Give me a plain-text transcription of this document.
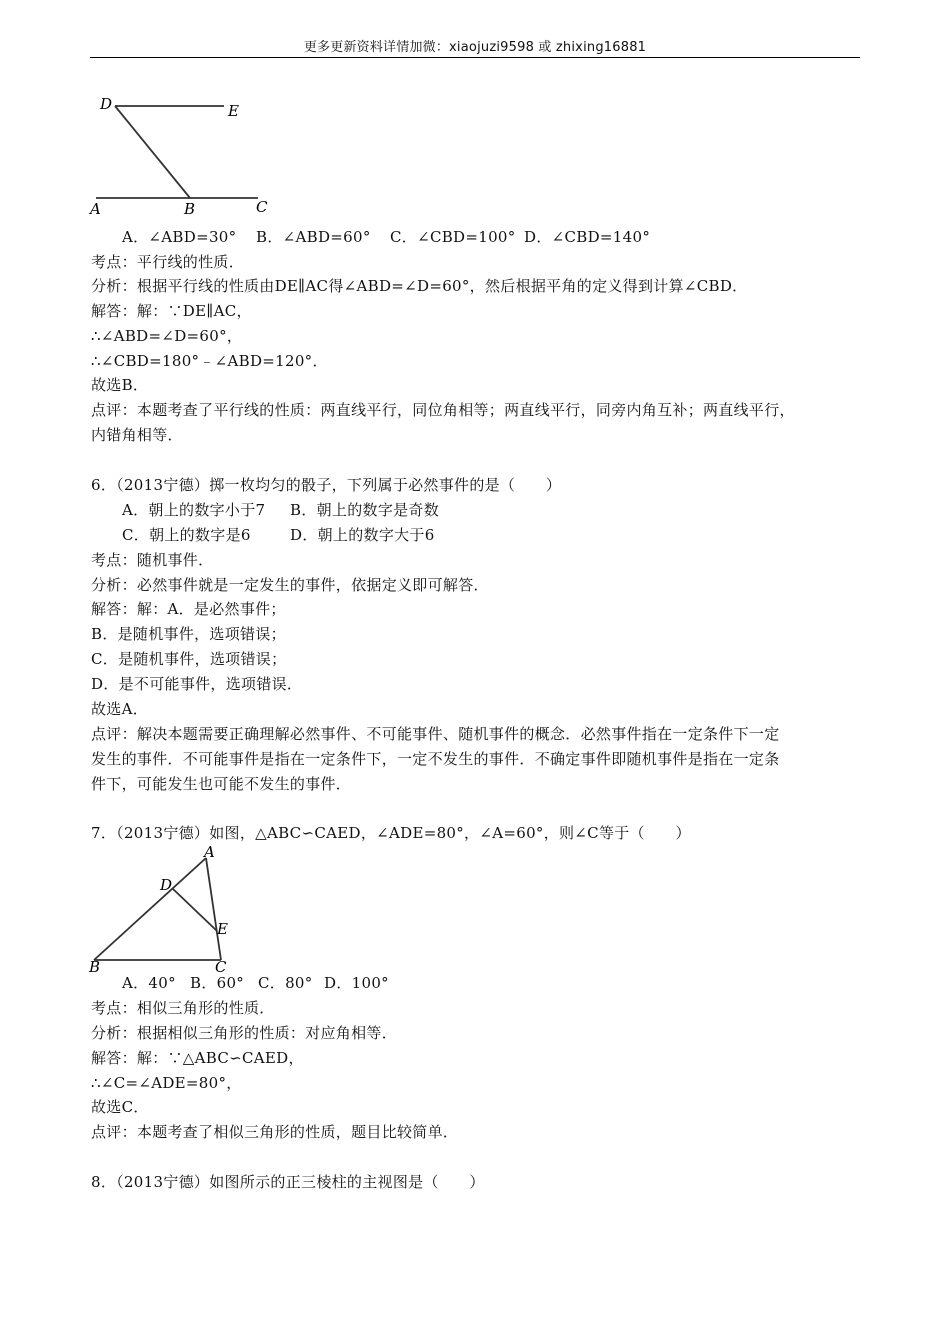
更多更新资料详情加微：xiaojuzi9598 或 zhixing16881
D	E
A	B	C
A．∠ABD=30° B．∠ABD=60° C．∠CBD=100° D．∠CBD=140°
考点：平行线的性质．
分析：根据平行线的性质由DE∥AC得∠ABD=∠D=60°，然后根据平角的定义得到计算∠CBD．
解答：解：∵DE∥AC，
∴∠ABD=∠D=60°，
∴∠CBD=180°﹣∠ABD=120°．
故选B．
点评：本题考查了平行线的性质：两直线平行，同位角相等；两直线平行，同旁内角互补；两直线平行，
内错角相等．
6．（2013宁德）掷一枚均匀的骰子，下列属于必然事件的是（　　）
A．朝上的数字小于7 B．朝上的数字是奇数
C．朝上的数字是6	D．朝上的数字大于6
考点：随机事件．
分析：必然事件就是一定发生的事件，依据定义即可解答．
解答：解：A．是必然事件；
B．是随机事件，选项错误；
C．是随机事件，选项错误；
D．是不可能事件，选项错误．
故选A．
点评：解决本题需要正确理解必然事件、不可能事件、随机事件的概念．必然事件指在一定条件下一定
发生的事件．不可能事件是指在一定条件下，一定不发生的事件．不确定事件即随机事件是指在一定条
件下，可能发生也可能不发生的事件．
7．（2013宁德）如图，△ABC∽CAED，∠ADE=80°，∠A=60°，则∠C等于（　　）
A
D
E
B	C
A．40° B．60° C．80° D．100°
考点：相似三角形的性质．
分析：根据相似三角形的性质：对应角相等．
解答：解：∵△ABC∽CAED，
∴∠C=∠ADE=80°，
故选C．
点评：本题考查了相似三角形的性质，题目比较简单．
8．（2013宁德）如图所示的正三棱柱的主视图是（　　）
